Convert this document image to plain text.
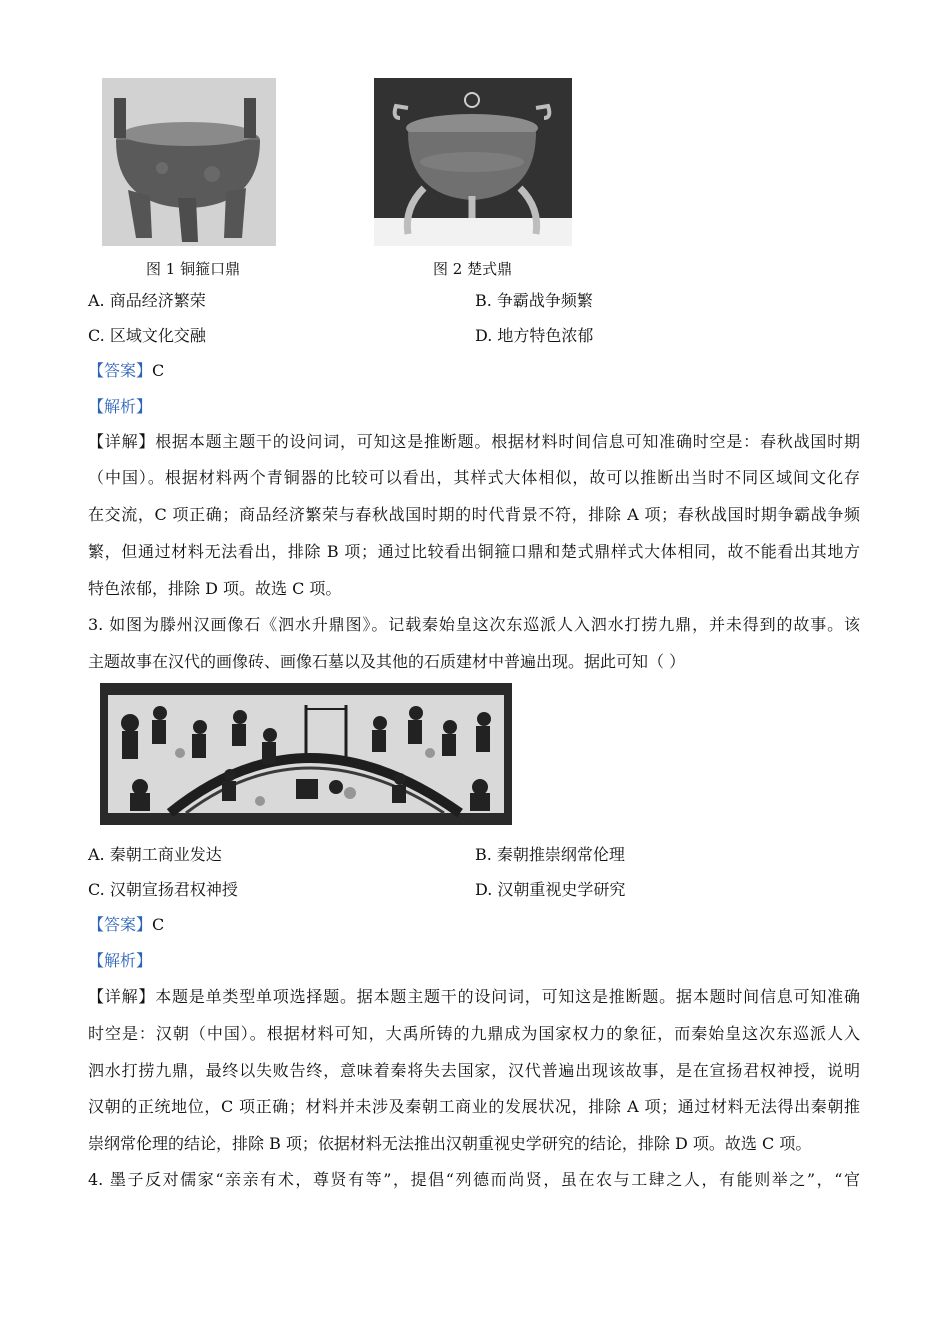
图 1 铜箍口鼎	图 2 楚式鼎
A. 商品经济繁荣	B. 争霸战争频繁
C. 区域文化交融	D. 地方特色浓郁
【答案】C
【解析】
【详解】根据本题主题干的设问词，可知这是推断题。根据材料时间信息可知准确时空是：春秋战国时期
（中国）。根据材料两个青铜器的比较可以看出，其样式大体相似，故可以推断出当时不同区域间文化存
在交流，C 项正确；商品经济繁荣与春秋战国时期的时代背景不符，排除 A 项；春秋战国时期争霸战争频
繁，但通过材料无法看出，排除 B 项；通过比较看出铜箍口鼎和楚式鼎样式大体相同，故不能看出其地方
特色浓郁，排除 D 项。故选 C 项。
3. 如图为滕州汉画像石《泗水升鼎图》。记载秦始皇这次东巡派人入泗水打捞九鼎，并未得到的故事。该
主题故事在汉代的画像砖、画像石墓以及其他的石质建材中普遍出现。据此可知（ ）
A. 秦朝工商业发达	B. 秦朝推崇纲常伦理
C. 汉朝宣扬君权神授	D. 汉朝重视史学研究
【答案】C
【解析】
【详解】本题是单类型单项选择题。据本题主题干的设问词，可知这是推断题。据本题时间信息可知准确
时空是：汉朝（中国）。根据材料可知，大禹所铸的九鼎成为国家权力的象征，而秦始皇这次东巡派人入
泗水打捞九鼎，最终以失败告终，意味着秦将失去国家，汉代普遍出现该故事，是在宣扬君权神授，说明
汉朝的正统地位，C 项正确；材料并未涉及秦朝工商业的发展状况，排除 A 项；通过材料无法得出秦朝推
崇纲常伦理的结论，排除 B 项；依据材料无法推出汉朝重视史学研究的结论，排除 D 项。故选 C 项。
4. 墨子反对儒家“亲亲有术，尊贤有等”，提倡“列德而尚贤，虽在农与工肆之人，有能则举之”，“官
